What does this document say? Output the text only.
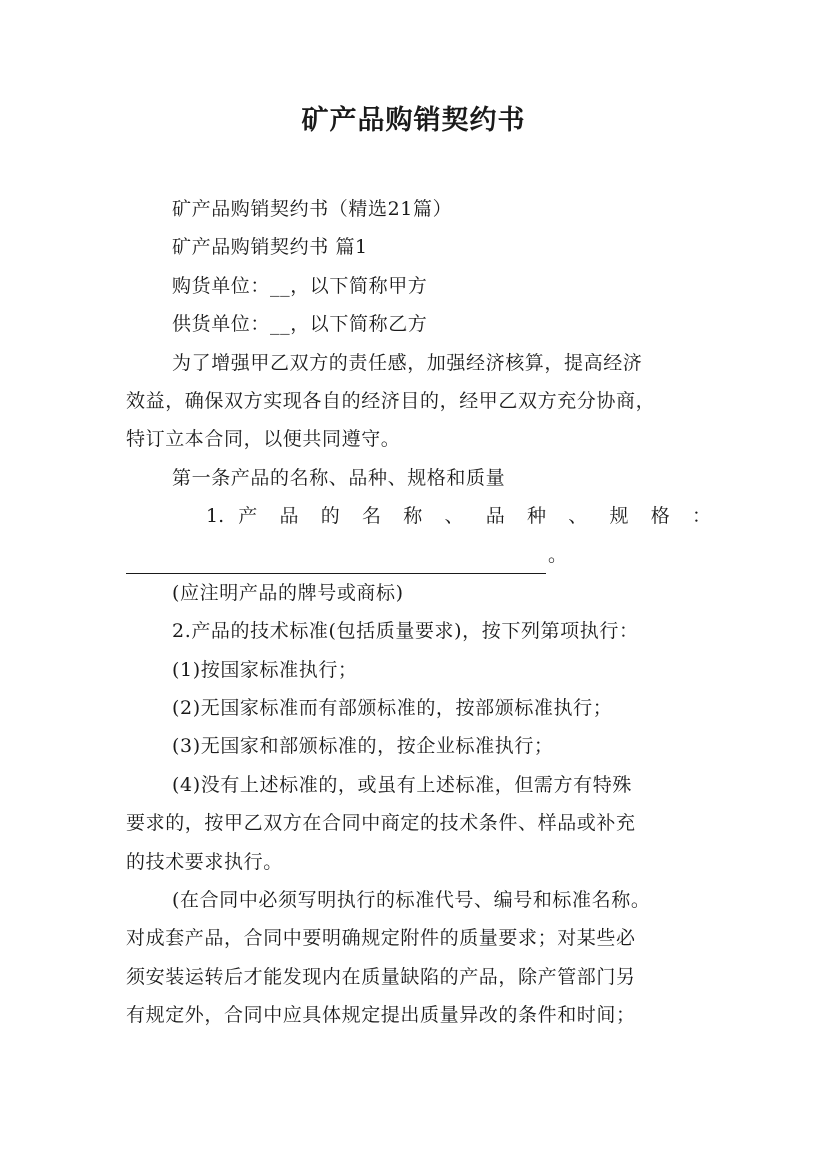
矿产品购销契约书

矿产品购销契约书（精选21篇）

矿产品购销契约书 篇1

购货单位：__，以下简称甲方

供货单位：__，以下简称乙方

为了增强甲乙双方的责任感，加强经济核算，提高经济

效益，确保双方实现各自的经济目的，经甲乙双方充分协商，

特订立本合同，以便共同遵守。

第一条产品的名称、品种、规格和质量

1. 产 品 的 名 称 、 品 种 、 规 格 ：

。

(应注明产品的牌号或商标)

2.产品的技术标准(包括质量要求)，按下列第项执行：

(1)按国家标准执行；

(2)无国家标准而有部颁标准的，按部颁标准执行；

(3)无国家和部颁标准的，按企业标准执行；

(4)没有上述标准的，或虽有上述标准，但需方有特殊

要求的，按甲乙双方在合同中商定的技术条件、样品或补充

的技术要求执行。

(在合同中必须写明执行的标准代号、编号和标准名称。

对成套产品，合同中要明确规定附件的质量要求；对某些必

须安装运转后才能发现内在质量缺陷的产品，除产管部门另

有规定外，合同中应具体规定提出质量异改的条件和时间；
